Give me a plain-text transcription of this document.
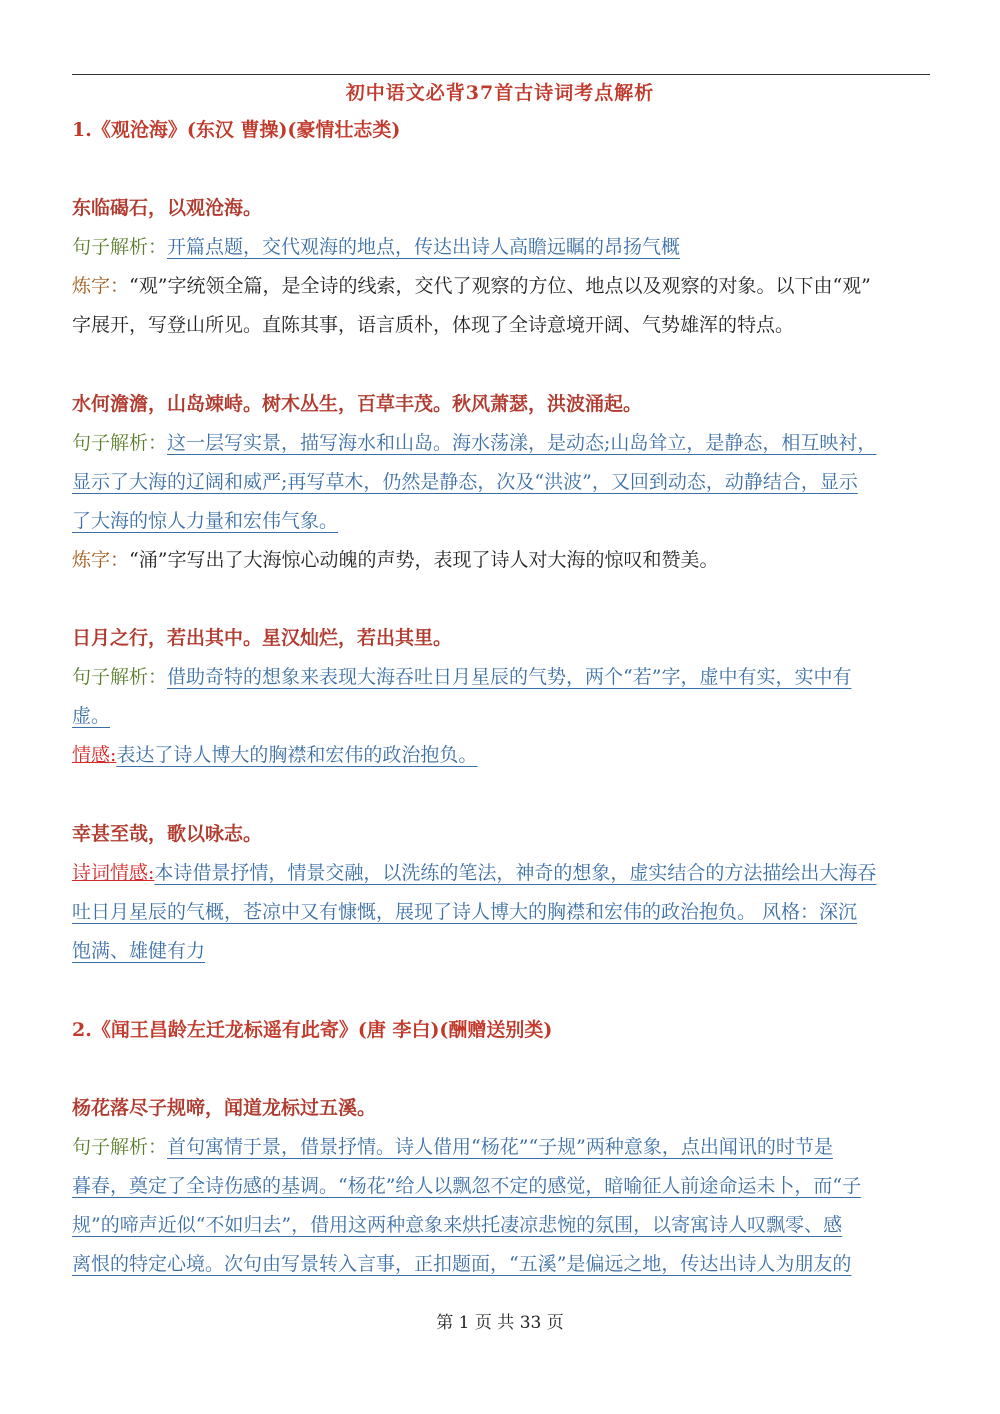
初中语文必背37首古诗词考点解析
1.《观沧海》(东汉 曹操)(豪情壮志类)
东临碣石，以观沧海。
句子解析：开篇点题，交代观海的地点，传达出诗人高瞻远瞩的昂扬气概
炼字：“观”字统领全篇，是全诗的线索，交代了观察的方位、地点以及观察的对象。以下由“观”
字展开，写登山所见。直陈其事，语言质朴，体现了全诗意境开阔、气势雄浑的特点。
水何澹澹，山岛竦峙。树木丛生，百草丰茂。秋风萧瑟，洪波涌起。
句子解析：这一层写实景，描写海水和山岛。海水荡漾，是动态;山岛耸立，是静态，相互映衬，
显示了大海的辽阔和威严;再写草木，仍然是静态，次及“洪波”，又回到动态，动静结合，显示
了大海的惊人力量和宏伟气象。
炼字：“涌”字写出了大海惊心动魄的声势，表现了诗人对大海的惊叹和赞美。
日月之行，若出其中。星汉灿烂，若出其里。
句子解析：借助奇特的想象来表现大海吞吐日月星辰的气势，两个“若”字，虚中有实，实中有
虚。
情感:表达了诗人博大的胸襟和宏伟的政治抱负。
幸甚至哉，歌以咏志。
诗词情感:本诗借景抒情，情景交融，以洗练的笔法，神奇的想象，虚实结合的方法描绘出大海吞
吐日月星辰的气概，苍凉中又有慷慨，展现了诗人博大的胸襟和宏伟的政治抱负。 风格：深沉
饱满、雄健有力
2.《闻王昌龄左迁龙标遥有此寄》(唐 李白)(酬赠送别类)
杨花落尽子规啼，闻道龙标过五溪。
句子解析：首句寓情于景，借景抒情。诗人借用“杨花”“子规”两种意象，点出闻讯的时节是
暮春，奠定了全诗伤感的基调。“杨花”给人以飘忽不定的感觉，暗喻征人前途命运未卜，而“子
规”的啼声近似“不如归去”，借用这两种意象来烘托凄凉悲惋的氛围，以寄寓诗人叹飘零、感
离恨的特定心境。次句由写景转入言事，正扣题面，“五溪”是偏远之地，传达出诗人为朋友的
第 1 页 共 33 页
